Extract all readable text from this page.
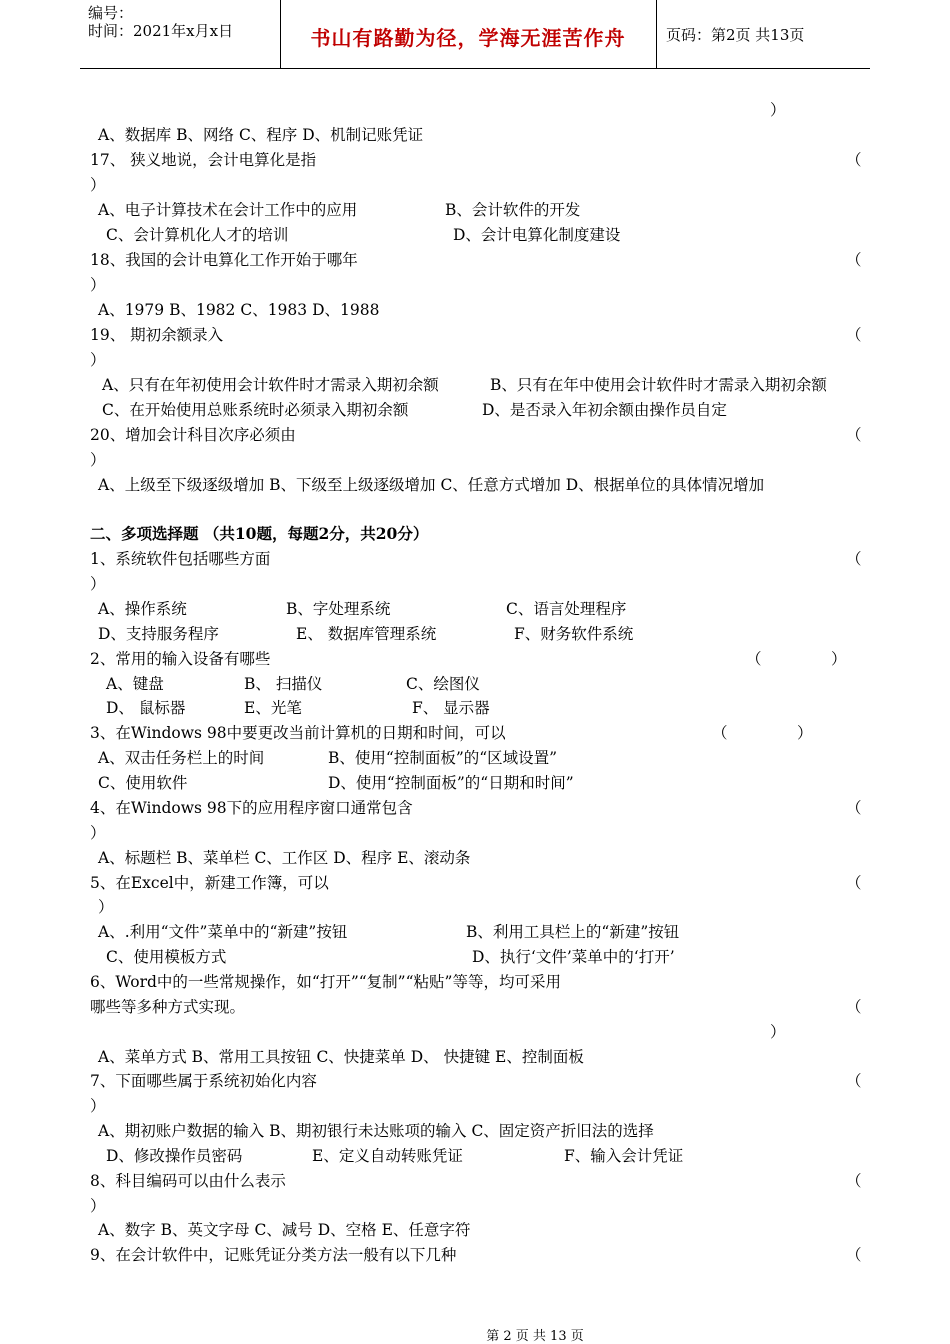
编号：
时间：2021年x月x日	书山有路勤为径，学海无涯苦作舟	页码：第2页 共13页
）
A、数据库 B、网络 C、程序 D、机制记账凭证
17、 狭义地说，会计电算化是指	（
）
A、电子计算技术在会计工作中的应用	B、会计软件的开发
C、会计算机化人才的培训	D、会计电算化制度建设
18、我国的会计电算化工作开始于哪年	（
）
A、1979 B、1982 C、1983 D、1988
19、 期初余额录入	（
）
A、只有在年初使用会计软件时才需录入期初余额	B、只有在年中使用会计软件时才需录入期初余额
C、在开始使用总账系统时必须录入期初余额	D、是否录入年初余额由操作员自定
20、增加会计科目次序必须由	（
）
A、上级至下级逐级增加 B、下级至上级逐级增加 C、任意方式增加 D、根据单位的具体情况增加
二、多项选择题 （共10题，每题2分，共20分）
1、系统软件包括哪些方面	（
）
A、操作系统	B、字处理系统	C、语言处理程序
D、支持服务程序	E、 数据库管理系统	F、财务软件系统
2、常用的输入设备有哪些	（	）
A、键盘	B、 扫描仪	C、绘图仪
D、 鼠标器	E、光笔	F、 显示器
3、在Windows 98中要更改当前计算机的日期和时间，可以	（	）
A、双击任务栏上的时间	B、使用“控制面板”的“区域设置”
C、使用软件	D、使用“控制面板”的“日期和时间”
4、在Windows 98下的应用程序窗口通常包含	（
）
A、标题栏 B、菜单栏 C、工作区 D、程序 E、滚动条
5、在Excel中，新建工作簿，可以	（
）
A、.利用“文件”菜单中的“新建”按钮	B、利用工具栏上的“新建”按钮
C、使用模板方式	D、执行‘文件’菜单中的‘打开’
6、Word中的一些常规操作，如“打开”“复制”“粘贴”等等，均可采用
哪些等多种方式实现。	（
）
A、菜单方式 B、常用工具按钮 C、快捷菜单 D、 快捷键 E、控制面板
7、下面哪些属于系统初始化内容	（
）
A、期初账户数据的输入 B、期初银行未达账项的输入 C、固定资产折旧法的选择
D、修改操作员密码	E、定义自动转账凭证	F、输入会计凭证
8、科目编码可以由什么表示	（
）
A、数字 B、英文字母 C、减号 D、空格 E、任意字符
9、在会计软件中，记账凭证分类方法一般有以下几种	（
第 2 页 共 13 页
